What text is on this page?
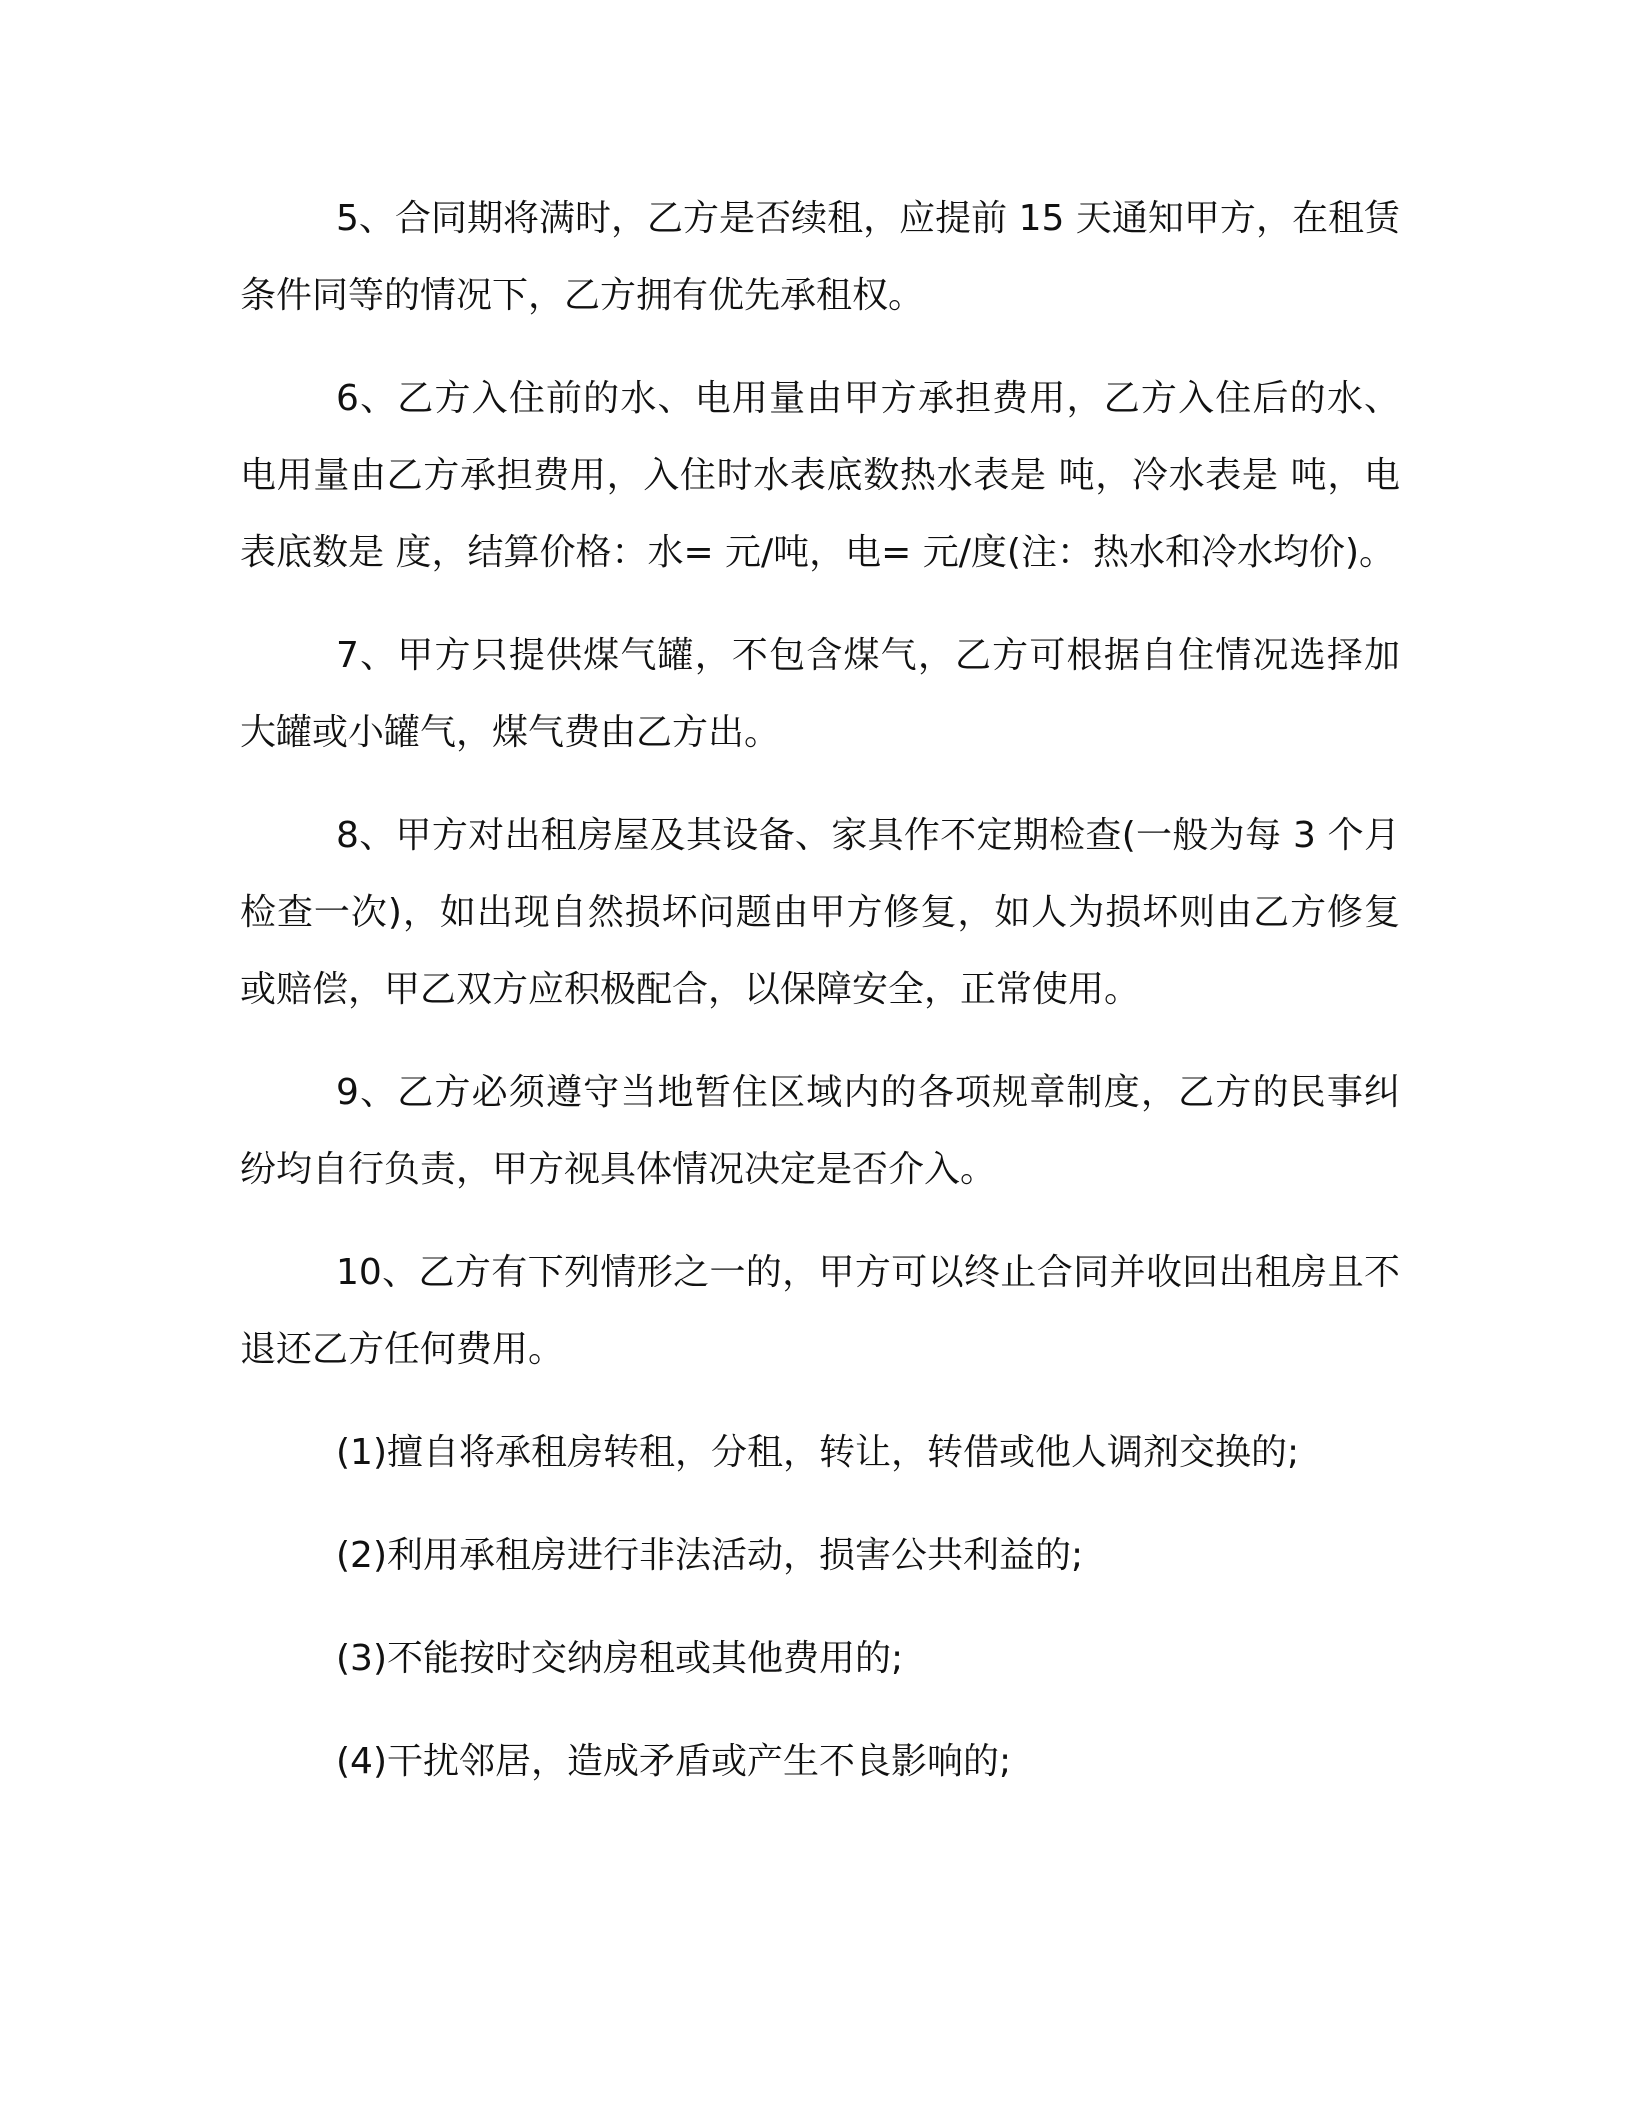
5、合同期将满时，乙方是否续租，应提前 15 天通知甲方，在租赁条件同等的情况下，乙方拥有优先承租权。

6、乙方入住前的水、电用量由甲方承担费用，乙方入住后的水、电用量由乙方承担费用，入住时水表底数热水表是 吨，冷水表是 吨，电表底数是 度，结算价格：水= 元/吨，电= 元/度(注：热水和冷水均价)。

7、甲方只提供煤气罐，不包含煤气，乙方可根据自住情况选择加大罐或小罐气，煤气费由乙方出。

8、甲方对出租房屋及其设备、家具作不定期检查(一般为每 3 个月检查一次)，如出现自然损坏问题由甲方修复，如人为损坏则由乙方修复或赔偿，甲乙双方应积极配合，以保障安全，正常使用。

9、乙方必须遵守当地暂住区域内的各项规章制度，乙方的民事纠纷均自行负责，甲方视具体情况决定是否介入。

10、乙方有下列情形之一的，甲方可以终止合同并收回出租房且不退还乙方任何费用。

(1)擅自将承租房转租，分租，转让，转借或他人调剂交换的;

(2)利用承租房进行非法活动，损害公共利益的;

(3)不能按时交纳房租或其他费用的;

(4)干扰邻居，造成矛盾或产生不良影响的;
